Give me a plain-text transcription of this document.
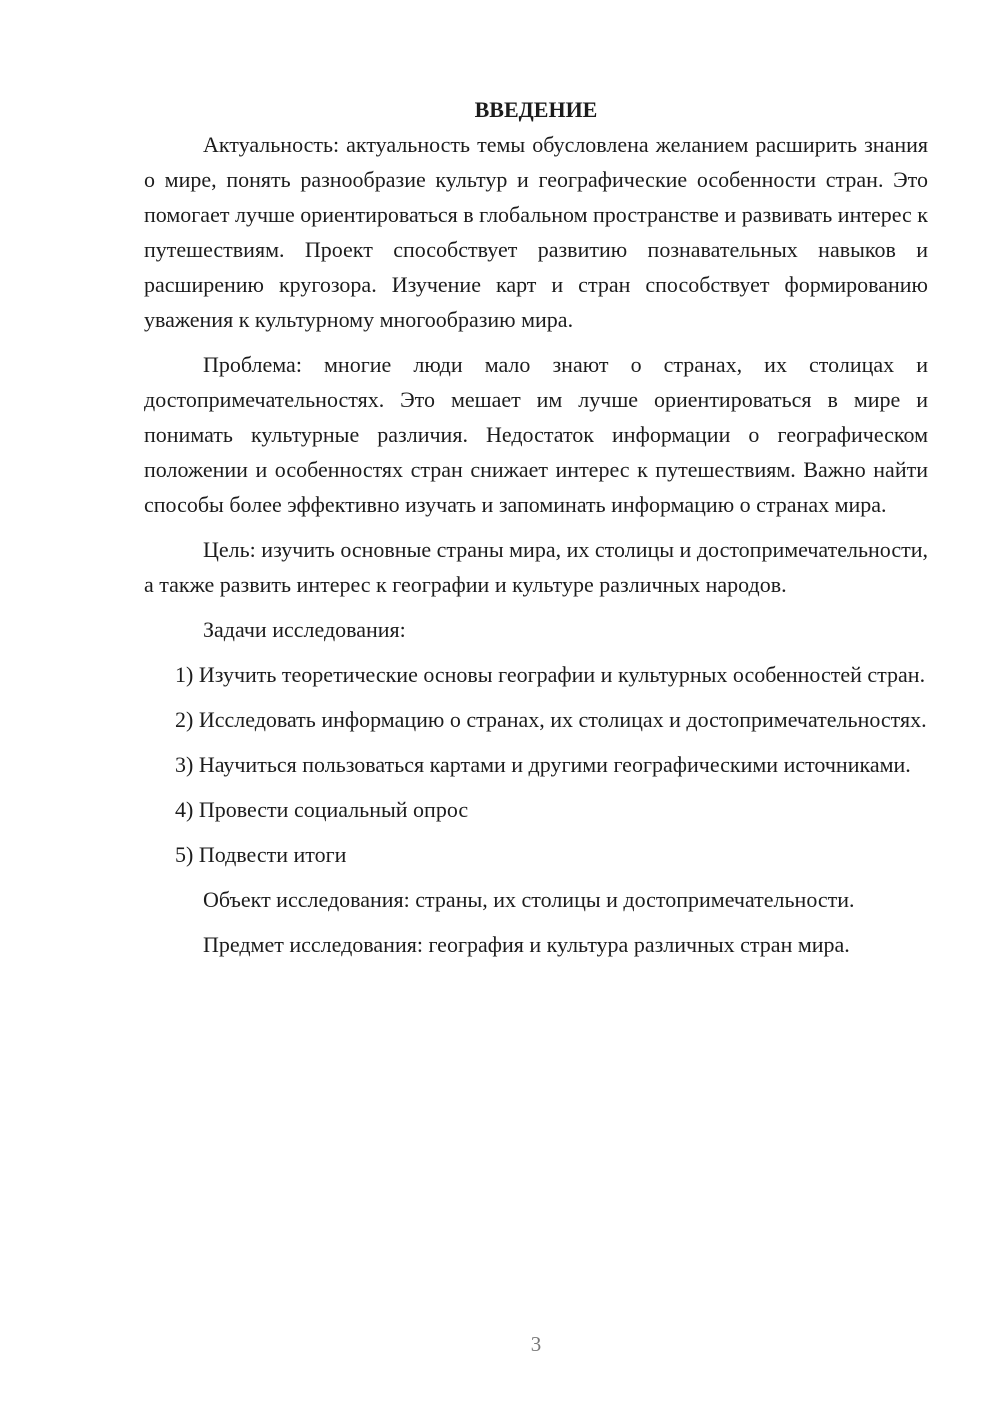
ВВЕДЕНИЕ

Актуальность: актуальность темы обусловлена желанием расширить знания о мире, понять разнообразие культур и географические особенности стран. Это помогает лучше ориентироваться в глобальном пространстве и развивать интерес к путешествиям. Проект способствует развитию познавательных навыков и расширению кругозора. Изучение карт и стран способствует формированию уважения к культурному многообразию мира.

Проблема: многие люди мало знают о странах, их столицах и достопримечательностях. Это мешает им лучше ориентироваться в мире и понимать культурные различия. Недостаток информации о географическом положении и особенностях стран снижает интерес к путешествиям. Важно найти способы более эффективно изучать и запоминать информацию о странах мира.

Цель: изучить основные страны мира, их столицы и достопримечательности, а также развить интерес к географии и культуре различных народов.

Задачи исследования:

1) Изучить теоретические основы географии и культурных особенностей стран.

2) Исследовать информацию о странах, их столицах и достопримечательностях.

3) Научиться пользоваться картами и другими географическими источниками.

4) Провести социальный опрос

5) Подвести итоги

Объект исследования: страны, их столицы и достопримечательности.

Предмет исследования: география и культура различных стран мира.

3
